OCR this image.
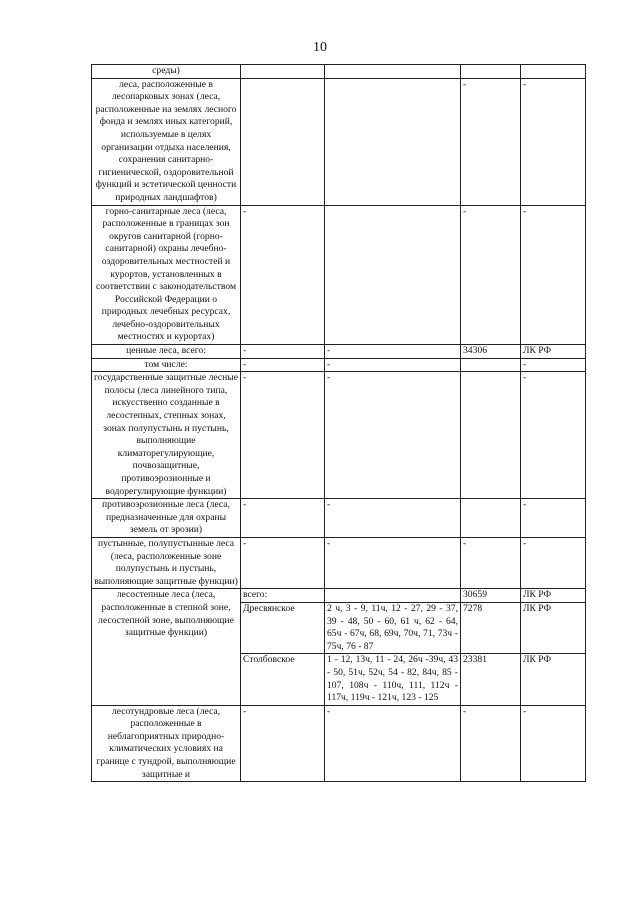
10
среды)				
леса, расположенные в лесопарковых зонах (леса, расположенные на землях лесного фонда и землях иных категорий, используемые в целях организации отдыха населения, сохранения санитарно-гигиенической, оздоровительной функций и эстетической ценности природных ландшафтов)			-	-
горно-санитарные леса (леса, расположенные в границах зон округов санитарной (горно-санитарной) охраны лечебно-оздоровительных местностей и курортов, установленных в соответствии с законодательством Российской Федерации о природных лечебных ресурсах, лечебно-оздоровительных местностях и курортах)	-		-	-
ценные леса, всего:	-	-	34306	ЛК РФ
том числе:	-	-		-
государственные защитные лесные полосы (леса линейного типа, искусственно созданные в лесостепных, степных зонах, зонах полупустынь и пустынь, выполняющие климаторегулирующие, почвозащитные, противоэрозионные и водорегулирующие функции)	-	-		-
противоэрозионные леса (леса, предназначенные для охраны земель от эрозии)	-	-		-
пустынные, полупустынные леса (леса, расположенные зоне полупустынь и пустынь, выполняющие защитные функции)	-	-	-	-
лесостепные леса (леса, расположенные в степной зоне, лесостепной зоне, выполняющие защитные функции)	всего:		30659	ЛК РФ
	Дресвянское	2 ч, 3 - 9, 11ч, 12 - 27, 29 - 37, 39 - 48, 50 - 60, 61 ч, 62 - 64, 65ч - 67ч, 68, 69ч, 70ч, 71, 73ч - 75ч, 76 - 87	7278	ЛК РФ
	Столбовское	1 - 12, 13ч, 11 - 24, 26ч -39ч, 43 - 50, 51ч, 52ч, 54 - 82, 84ч, 85 - 107, 108ч - 110ч, 111, 112ч - 117ч, 119ч - 121ч, 123 - 125	23381	ЛК РФ
лесотундровые леса (леса, расположенные в неблагоприятных природно-климатических условиях на границе с тундрой, выполняющие защитные и	-	-	-	-
